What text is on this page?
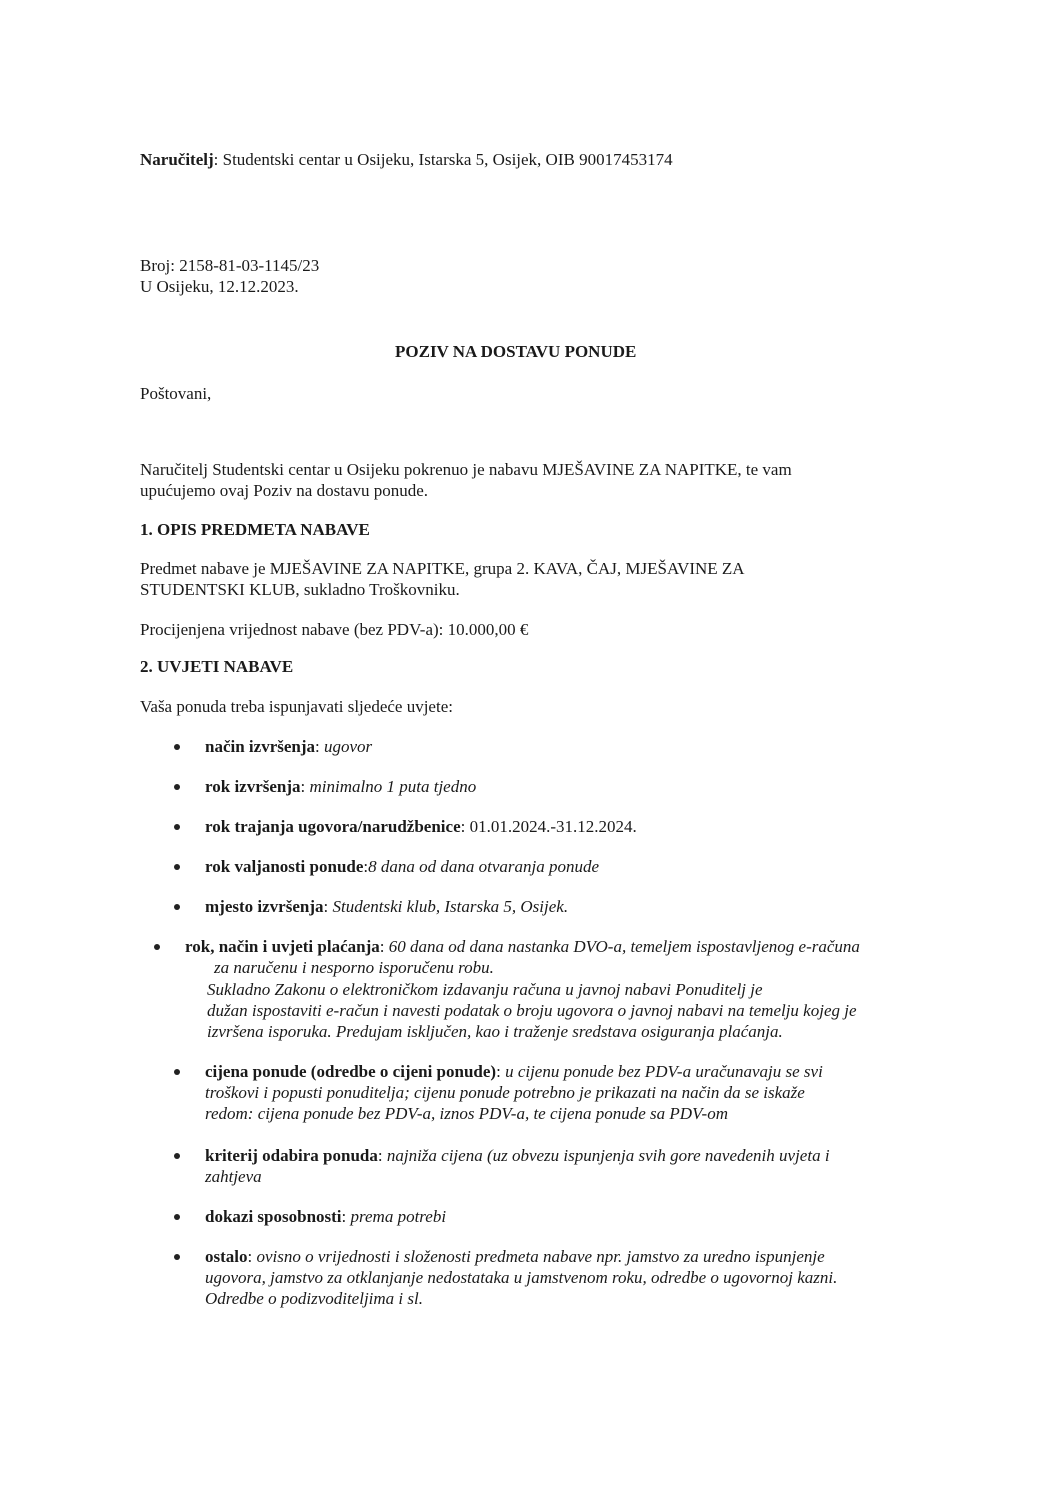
Naručitelj: Studentski centar u Osijeku, Istarska 5, Osijek, OIB 90017453174
Broj: 2158-81-03-1145/23
U Osijeku, 12.12.2023.
POZIV NA DOSTAVU PONUDE
Poštovani,
Naručitelj Studentski centar u Osijeku pokrenuo je nabavu MJEŠAVINE ZA NAPITKE, te vam
upućujemo ovaj Poziv na dostavu ponude.
1. OPIS PREDMETA NABAVE
Predmet nabave je MJEŠAVINE ZA NAPITKE, grupa 2. KAVA, ČAJ, MJEŠAVINE ZA
STUDENTSKI KLUB, sukladno Troškovniku.
Procijenjena vrijednost nabave (bez PDV-a): 10.000,00 €
2. UVJETI NABAVE
Vaša ponuda treba ispunjavati sljedeće uvjete:
način izvršenja: ugovor
rok izvršenja: minimalno 1 puta tjedno
rok trajanja ugovora/narudžbenice: 01.01.2024.-31.12.2024.
rok valjanosti ponude:8 dana od dana otvaranja ponude
mjesto izvršenja: Studentski klub, Istarska 5, Osijek.
rok, način i uvjeti plaćanja: 60 dana od dana nastanka DVO-a, temeljem ispostavljenog e-računa
za naručenu i nesporno isporučenu robu.
Sukladno Zakonu o elektroničkom izdavanju računa u javnoj nabavi Ponuditelj je
dužan ispostaviti e-račun i navesti podatak o broju ugovora o javnoj nabavi na temelju kojeg je
izvršena isporuka. Predujam isključen, kao i traženje sredstava osiguranja plaćanja.
cijena ponude (odredbe o cijeni ponude): u cijenu ponude bez PDV-a uračunavaju se svi
troškovi i popusti ponuditelja; cijenu ponude potrebno je prikazati na način da se iskaže
redom: cijena ponude bez PDV-a, iznos PDV-a, te cijena ponude sa PDV-om
kriterij odabira ponuda: najniža cijena (uz obvezu ispunjenja svih gore navedenih uvjeta i
zahtjeva
dokazi sposobnosti: prema potrebi
ostalo: ovisno o vrijednosti i složenosti predmeta nabave npr. jamstvo za uredno ispunjenje
ugovora, jamstvo za otklanjanje nedostataka u jamstvenom roku, odredbe o ugovornoj kazni.
Odredbe o podizvoditeljima i sl.
